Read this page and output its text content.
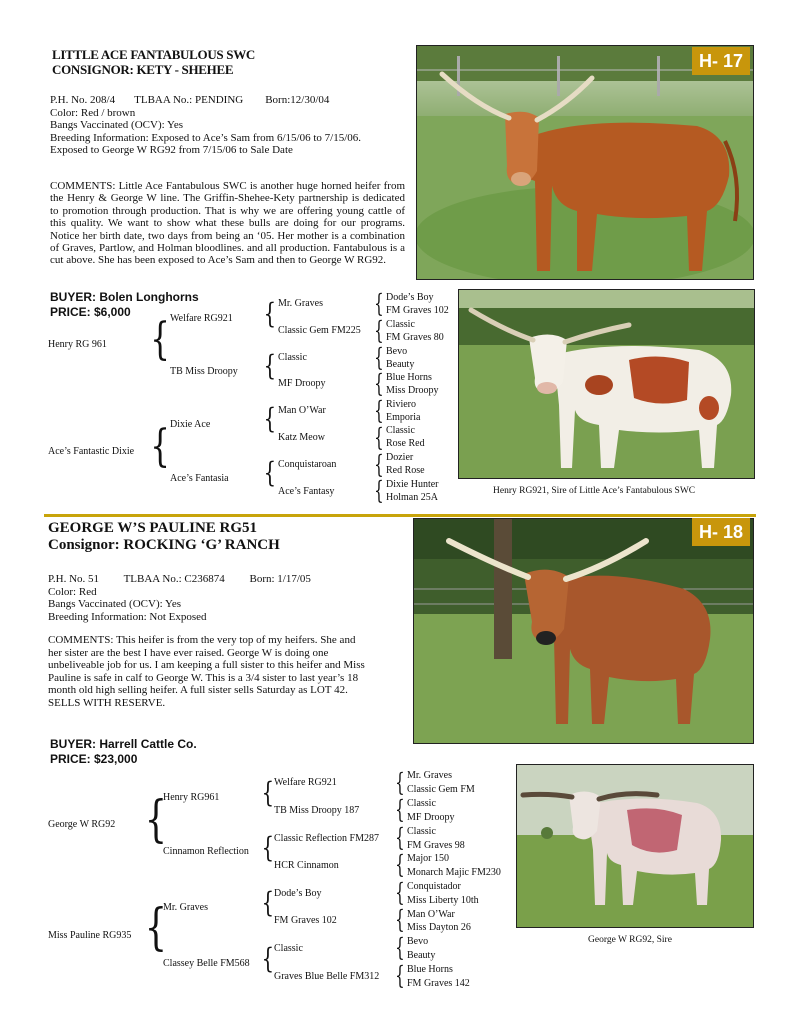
LITTLE ACE FANTABULOUS SWC
CONSIGNOR: KETY - SHEHEE
P.H. No. 208/4       TLBAA No.: PENDING        Born:12/30/04
Color: Red / brown
Bangs Vaccinated (OCV): Yes
Breeding Information: Exposed to Ace’s Sam from 6/15/06 to 7/15/06.
Exposed to George W RG92 from 7/15/06 to Sale Date
COMMENTS: Little Ace Fantabulous SWC is another huge horned heifer from the Henry & George W line. The Griffin-Shehee-Kety partnership is dedicated to promotion through production. That is why we are offering young cattle of this quality. We want to show what these bulls are doing for our programs. Notice her birth date, two days from being an ‘05. Her mother is a combination of Graves, Partlow, and Holman bloodlines. and all production. Fantabulous is a cut above. She has been exposed to Ace’s Sam and then to George W RG92.
BUYER: Bolen Longhorns
PRICE: $6,000
H- 17
Henry RG921, Sire of Little Ace’s Fantabulous SWC
Henry RG 961
Ace’s Fantastic Dixie
{
{
Welfare RG921
TB Miss Droopy
Dixie Ace
Ace’s Fantasia
{
{
{
{
Mr. Graves
Classic Gem FM225
Classic
MF Droopy
Man O’War
Katz Meow
Conquistaroan
Ace’s Fantasy
{
{
{
{
{
{
{
{
Dode’s Boy
FM Graves 102
Classic
FM Graves 80
Bevo
Beauty
Blue Horns
Miss Droopy
Riviero
Emporia
Classic
Rose Red
Dozier
Red Rose
Dixie Hunter
Holman 25A
GEORGE W’S PAULINE RG51
Consignor: ROCKING ‘G’ RANCH
P.H. No. 51         TLBAA No.: C236874         Born: 1/17/05
Color: Red
Bangs Vaccinated (OCV): Yes
Breeding Information: Not Exposed
COMMENTS: This heifer is from the very top of my heifers. She and
her sister are the best I have ever raised. George W is doing one
unbeliveable job for us. I am keeping a full sister to this heifer and Miss
Pauline is safe in calf to George W. This is a 3/4 sister to last year’s 18
month old high selling heifer. A full sister sells Saturday as LOT 42.
SELLS WITH RESERVE.
BUYER: Harrell Cattle Co.
PRICE: $23,000
H- 18
George W RG92, Sire
George W RG92
Miss Pauline RG935
{
{
Henry RG961
Cinnamon Reflection
Mr. Graves
Classey Belle FM568
{
{
{
{
Welfare RG921
TB Miss Droopy 187
Classic Reflection FM287
HCR Cinnamon
Dode’s Boy
FM Graves 102
Classic
Graves Blue Belle FM312
{
{
{
{
{
{
{
{
Mr. Graves
Classic Gem FM
Classic
MF Droopy
Classic
FM Graves 98
Major 150
Monarch Majic FM230
Conquistador
Miss Liberty 10th
Man O’War
Miss Dayton 26
Bevo
Beauty
Blue Horns
FM Graves 142
